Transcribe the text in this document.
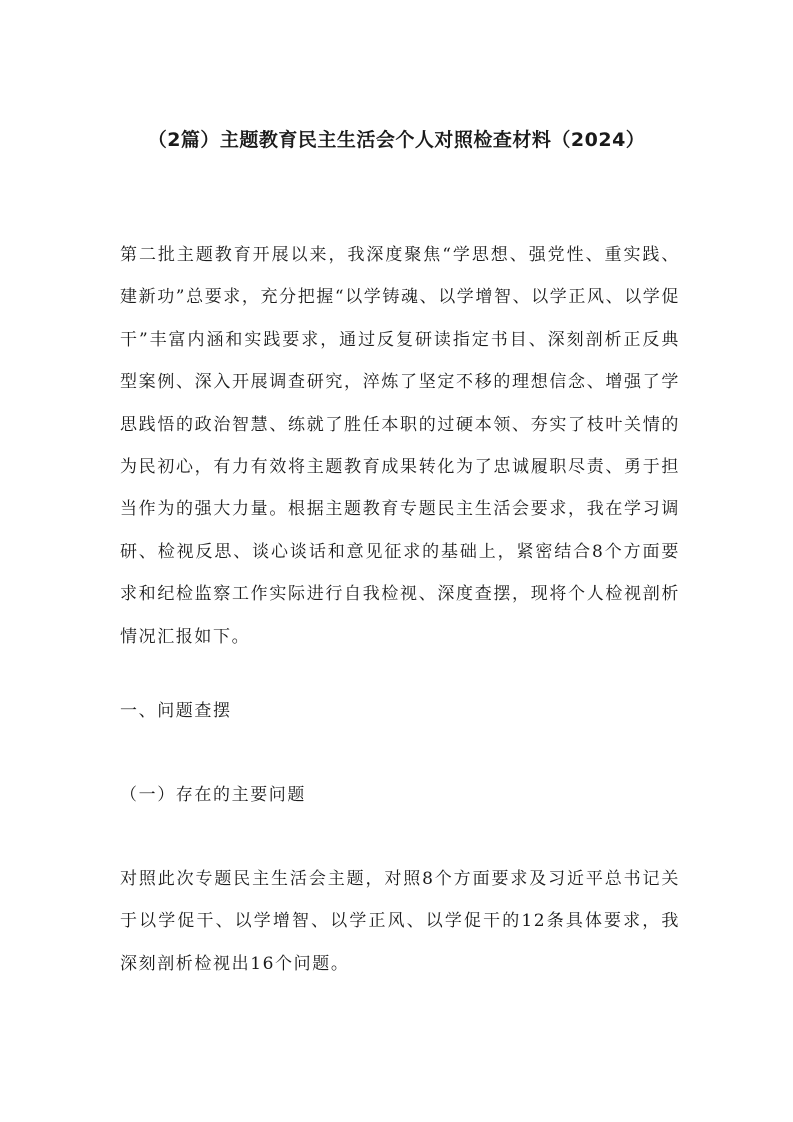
（2篇）主题教育民主生活会个人对照检查材料（2024）
第二批主题教育开展以来，我深度聚焦“学思想、强党性、重实践、建新功”总要求，充分把握“以学铸魂、以学增智、以学正风、以学促干”丰富内涵和实践要求，通过反复研读指定书目、深刻剖析正反典型案例、深入开展调查研究，淬炼了坚定不移的理想信念、增强了学思践悟的政治智慧、练就了胜任本职的过硬本领、夯实了枝叶关情的为民初心，有力有效将主题教育成果转化为了忠诚履职尽责、勇于担当作为的强大力量。根据主题教育专题民主生活会要求，我在学习调研、检视反思、谈心谈话和意见征求的基础上，紧密结合8个方面要求和纪检监察工作实际进行自我检视、深度查摆，现将个人检视剖析情况汇报如下。
一、问题查摆
（一）存在的主要问题
对照此次专题民主生活会主题，对照8个方面要求及习近平总书记关于以学促干、以学增智、以学正风、以学促干的12条具体要求，我深刻剖析检视出16个问题。
